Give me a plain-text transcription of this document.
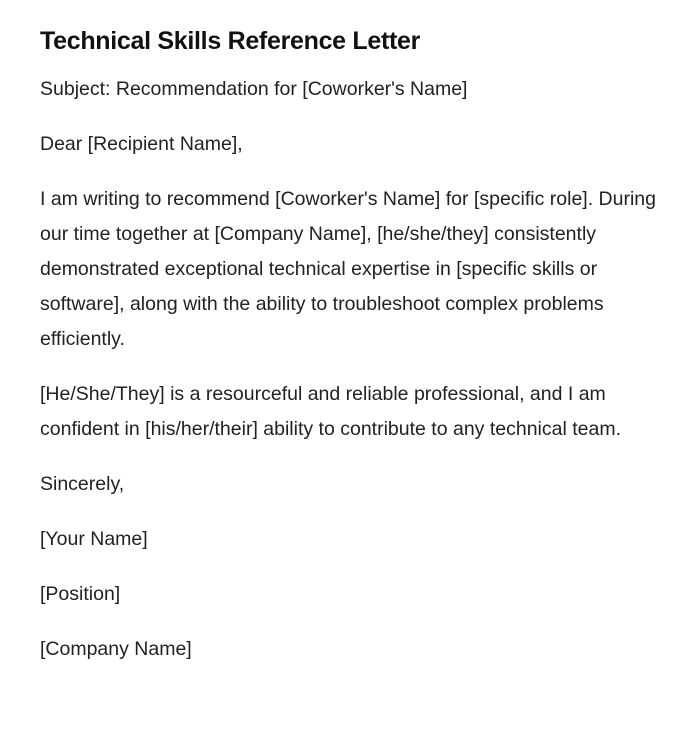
Technical Skills Reference Letter

Subject: Recommendation for [Coworker's Name]

Dear [Recipient Name],

I am writing to recommend [Coworker's Name] for [specific role]. During our time together at [Company Name], [he/she/they] consistently demonstrated exceptional technical expertise in [specific skills or software], along with the ability to troubleshoot complex problems efficiently.

[He/She/They] is a resourceful and reliable professional, and I am confident in [his/her/their] ability to contribute to any technical team.

Sincerely,

[Your Name]

[Position]

[Company Name]
